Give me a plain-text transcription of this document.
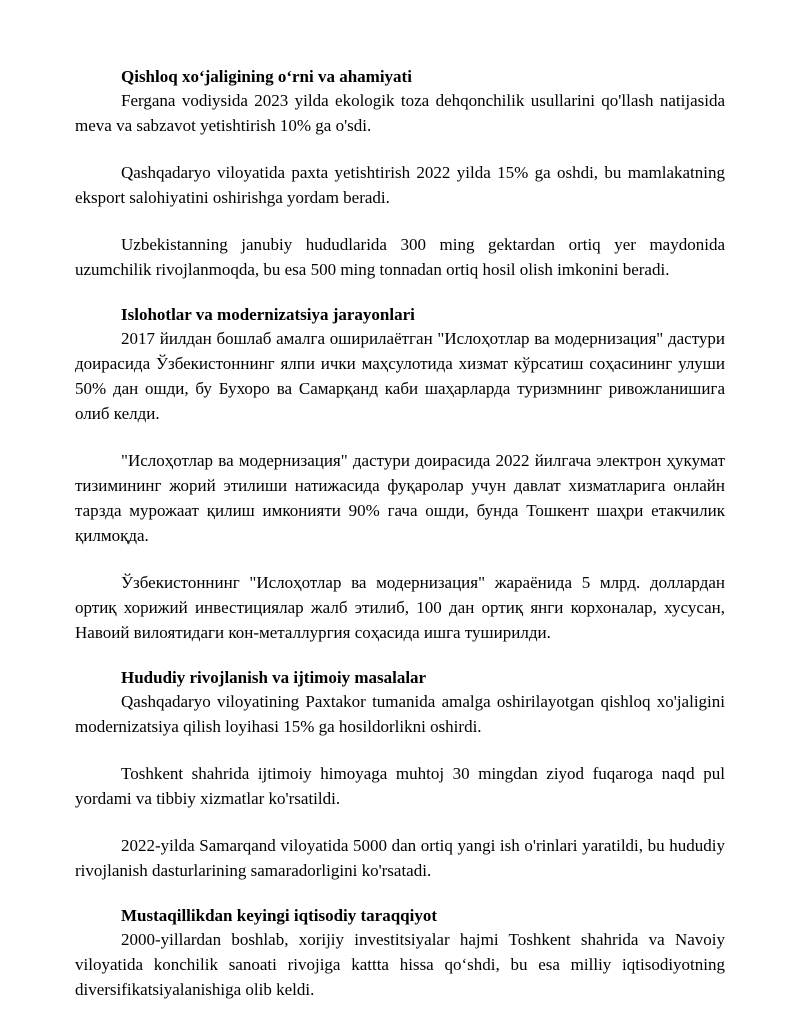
Qishloq xo‘jaligining o‘rni va ahamiyati

Fergana vodiysida 2023 yilda ekologik toza dehqonchilik usullarini qo'llash natijasida meva va sabzavot yetishtirish 10% ga o'sdi.

Qashqadaryo viloyatida paxta yetishtirish 2022 yilda 15% ga oshdi, bu mamlakatning eksport salohiyatini oshirishga yordam beradi.

Uzbekistanning janubiy hududlarida 300 ming gektardan ortiq yer maydonida uzumchilik rivojlanmoqda, bu esa 500 ming tonnadan ortiq hosil olish imkonini beradi.

Islohotlar va modernizatsiya jarayonlari

2017 йилдан бошлаб амалга оширилаётган "Ислоҳотлар ва модернизация" дастури доирасида Ўзбекистоннинг ялпи ички маҳсулотида хизмат кўрсатиш соҳасининг улуши 50% дан ошди, бу Бухоро ва Самарқанд каби шаҳарларда туризмнинг ривожланишига олиб келди.

"Ислоҳотлар ва модернизация" дастури доирасида 2022 йилгача электрон ҳукумат тизимининг жорий этилиши натижасида фуқаролар учун давлат хизматларига онлайн тарзда мурожаат қилиш имконияти 90% гача ошди, бунда Тошкент шаҳри етакчилик қилмоқда.

Ўзбекистоннинг "Ислоҳотлар ва модернизация" жараёнида 5 млрд. доллардан ортиқ хорижий инвестициялар жалб этилиб, 100 дан ортиқ янги корхоналар, хусусан, Навоий вилоятидаги кон-металлургия соҳасида ишга туширилди.

Hududiy rivojlanish va ijtimoiy masalalar

Qashqadaryo viloyatining Paxtakor tumanida amalga oshirilayotgan qishloq xo'jaligini modernizatsiya qilish loyihasi 15% ga hosildorlikni oshirdi.

Toshkent shahrida ijtimoiy himoyaga muhtoj 30 mingdan ziyod fuqaroga naqd pul yordami va tibbiy xizmatlar ko'rsatildi.

2022-yilda Samarqand viloyatida 5000 dan ortiq yangi ish o'rinlari yaratildi, bu hududiy rivojlanish dasturlarining samaradorligini ko'rsatadi.

Mustaqillikdan keyingi iqtisodiy taraqqiyot

2000-yillardan boshlab, xorijiy investitsiyalar hajmi Toshkent shahrida va Navoiy viloyatida konchilik sanoati rivojiga kattta hissa qo‘shdi, bu esa milliy iqtisodiyotning diversifikatsiyalanishiga olib keldi.
